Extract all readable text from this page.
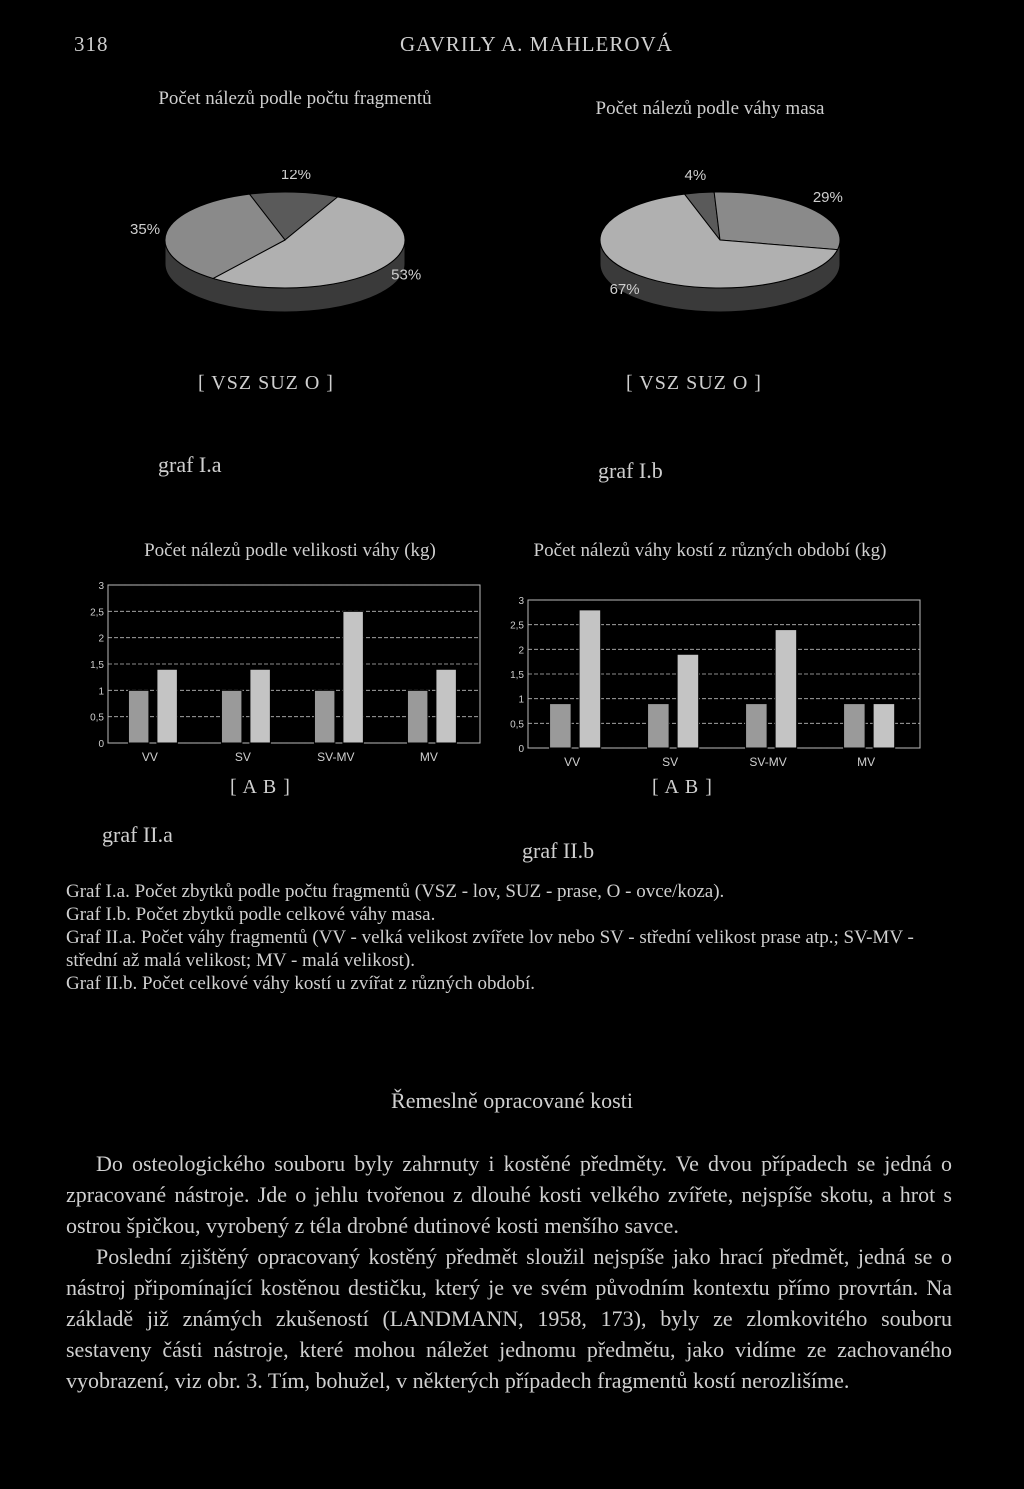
318	GAVRILY A. MAHLEROVÁ
Počet nálezů podle počtu fragmentů
12%
53%
35%
[ VSZ SUZ O ]
graf I.a
Počet nálezů podle váhy masa
4%
29%
67%
[ VSZ SUZ O ]
graf I.b
Počet nálezů podle velikosti váhy (kg)
0
0,5
1
1,5
2
2,5
3
VV	SV	SV-MV	MV
[ A B ]
graf II.a
Počet nálezů váhy kostí z různých období (kg)
0
0,5
1
1,5
2
2,5
3
VV	SV	SV-MV	MV
[ A B ]
graf II.b
Graf I.a. Počet zbytků podle počtu fragmentů (VSZ - lov, SUZ - prase, O - ovce/koza).
Graf I.b. Počet zbytků podle celkové váhy masa.
Graf II.a. Počet váhy fragmentů (VV - velká velikost zvířete lov nebo SV - střední velikost prase atp.; SV-MV - střední až malá velikost; MV - malá velikost).
Graf II.b. Počet celkové váhy kostí u zvířat z různých období.
Řemeslně opracované kosti

Do osteologického souboru byly zahrnuty i kostěné předměty. Ve dvou případech se jedná o zpracované nástroje. Jde o jehlu tvořenou z dlouhé kosti velkého zvířete, nejspíše skotu, a hrot s ostrou špičkou, vyrobený z téla drobné dutinové kosti menšího savce.

Poslední zjištěný opracovaný kostěný předmět sloužil nejspíše jako hrací předmět, jedná se o nástroj připomínající kostěnou destičku, který je ve svém původním kontextu přímo provrtán. Na základě již známých zkušeností (LANDMANN, 1958, 173), byly ze zlomkovitého souboru sestaveny části nástroje, které mohou náležet jednomu předmětu, jako vidíme ze zachovaného vyobrazení, viz obr. 3. Tím, bohužel, v některých případech fragmentů kostí nerozlišíme.
